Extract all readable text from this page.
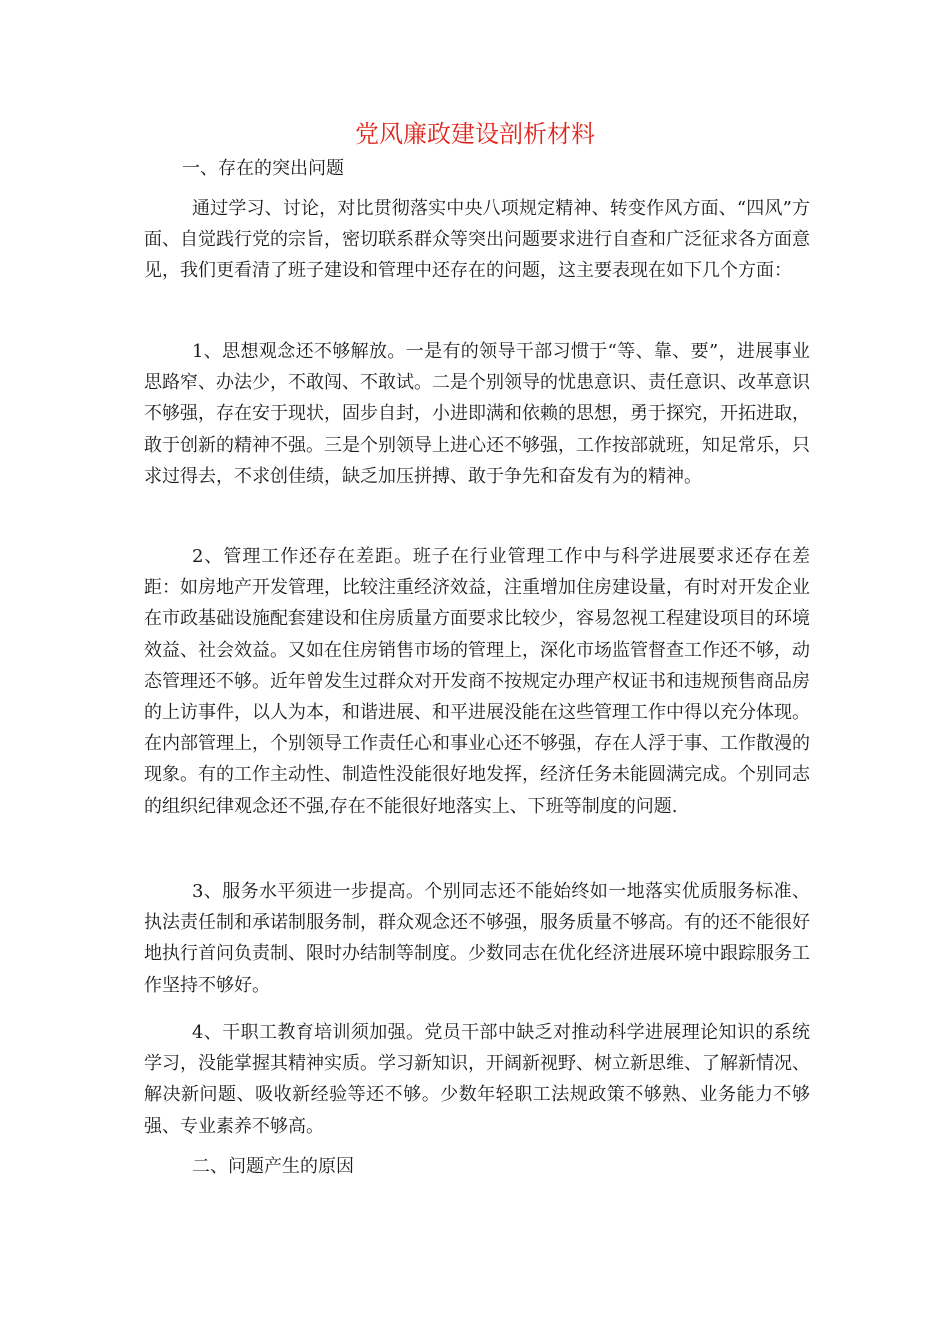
党风廉政建设剖析材料

一、存在的突出问题

通过学习、讨论，对比贯彻落实中央八项规定精神、转变作风方面、“四风”方面、自觉践行党的宗旨，密切联系群众等突出问题要求进行自查和广泛征求各方面意见，我们更看清了班子建设和管理中还存在的问题，这主要表现在如下几个方面：

1、思想观念还不够解放。一是有的领导干部习惯于“等、靠、要”，进展事业思路窄、办法少，不敢闯、不敢试。二是个别领导的忧患意识、责任意识、改革意识不够强，存在安于现状，固步自封，小进即满和依赖的思想，勇于探究，开拓进取，敢于创新的精神不强。三是个别领导上进心还不够强，工作按部就班，知足常乐，只求过得去，不求创佳绩，缺乏加压拼搏、敢于争先和奋发有为的精神。

2、管理工作还存在差距。班子在行业管理工作中与科学进展要求还存在差距：如房地产开发管理，比较注重经济效益，注重增加住房建设量，有时对开发企业在市政基础设施配套建设和住房质量方面要求比较少，容易忽视工程建设项目的环境效益、社会效益。又如在住房销售市场的管理上，深化市场监管督查工作还不够，动态管理还不够。近年曾发生过群众对开发商不按规定办理产权证书和违规预售商品房的上访事件，以人为本，和谐进展、和平进展没能在这些管理工作中得以充分体现。在内部管理上，个别领导工作责任心和事业心还不够强，存在人浮于事、工作散漫的现象。有的工作主动性、制造性没能很好地发挥，经济任务未能圆满完成。个别同志的组织纪律观念还不强,存在不能很好地落实上、下班等制度的问题.

3、服务水平须进一步提高。个别同志还不能始终如一地落实优质服务标准、执法责任制和承诺制服务制，群众观念还不够强，服务质量不够高。有的还不能很好地执行首问负责制、限时办结制等制度。少数同志在优化经济进展环境中跟踪服务工作坚持不够好。

4、干职工教育培训须加强。党员干部中缺乏对推动科学进展理论知识的系统学习，没能掌握其精神实质。学习新知识，开阔新视野、树立新思维、了解新情况、解决新问题、吸收新经验等还不够。少数年轻职工法规政策不够熟、业务能力不够强、专业素养不够高。

二、问题产生的原因
